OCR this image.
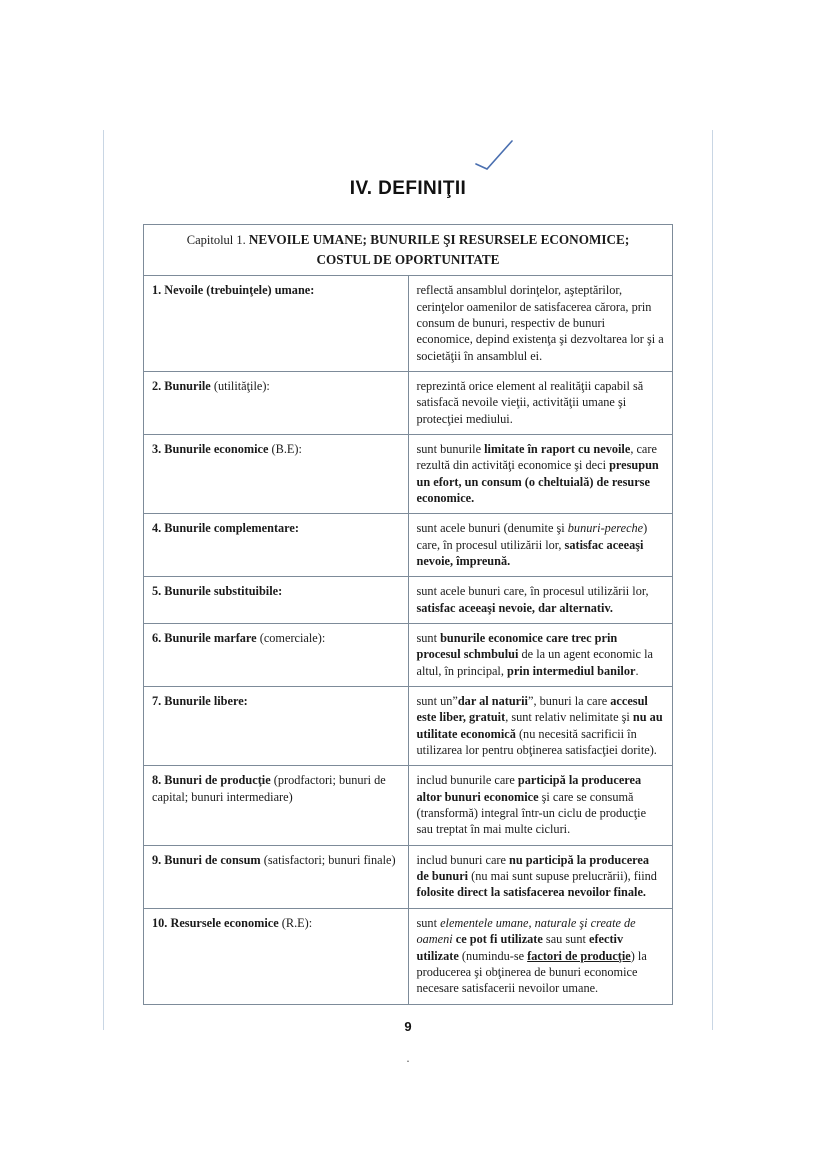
IV. DEFINIŢII
Capitolul 1. NEVOILE UMANE; BUNURILE ŞI RESURSELE ECONOMICE;
COSTUL DE OPORTUNITATE	

1. Nevoile (trebuinţele) umane:	reflectă ansamblul dorinţelor, aşteptărilor, cerinţelor oamenilor de satisfacerea cărora, prin consum de bunuri, respectiv de bunuri economice, depind existenţa şi dezvoltarea lor şi a societăţii în ansamblul ei.
2. Bunurile (utilităţile):	reprezintă orice element al realităţii capabil să satisfacă nevoile vieţii, activităţii umane şi protecţiei mediului.
3. Bunurile economice (B.E):	sunt bunurile limitate în raport cu nevoile, care rezultă din activităţi economice şi deci presupun un efort, un consum (o cheltuială) de resurse economice.
4. Bunurile complementare:	sunt acele bunuri (denumite şi bunuri-pereche) care, în procesul utilizării lor, satisfac aceeaşi nevoie, împreună.
5. Bunurile substituibile:	sunt acele bunuri care, în procesul utilizării lor, satisfac aceeaşi nevoie, dar alternativ.
6. Bunurile marfare (comerciale):	sunt bunurile economice care trec prin procesul schmbului de la un agent economic la altul, în principal, prin intermediul banilor.
7. Bunurile libere:	sunt un”dar al naturii”, bunuri la care accesul este liber, gratuit, sunt relativ nelimitate şi nu au utilitate economică (nu necesită sacrificii în utilizarea lor pentru obţinerea satisfacţiei dorite).
8. Bunuri de producţie (prodfactori; bunuri de capital; bunuri intermediare)	includ bunurile care participă la producerea altor bunuri economice şi care se consumă (transformă) integral într-un ciclu de producţie sau treptat în mai multe cicluri.
9. Bunuri de consum (satisfactori; bunuri finale)	includ bunuri care nu participă la producerea de bunuri (nu mai sunt supuse prelucrării), fiind folosite direct la satisfacerea nevoilor finale.
10. Resursele economice (R.E):	sunt elementele umane, naturale şi create de oameni ce pot fi utilizate sau sunt efectiv utilizate (numindu-se factori de producţie) la producerea şi obţinerea de bunuri economice necesare satisfacerii nevoilor umane.
9
.
